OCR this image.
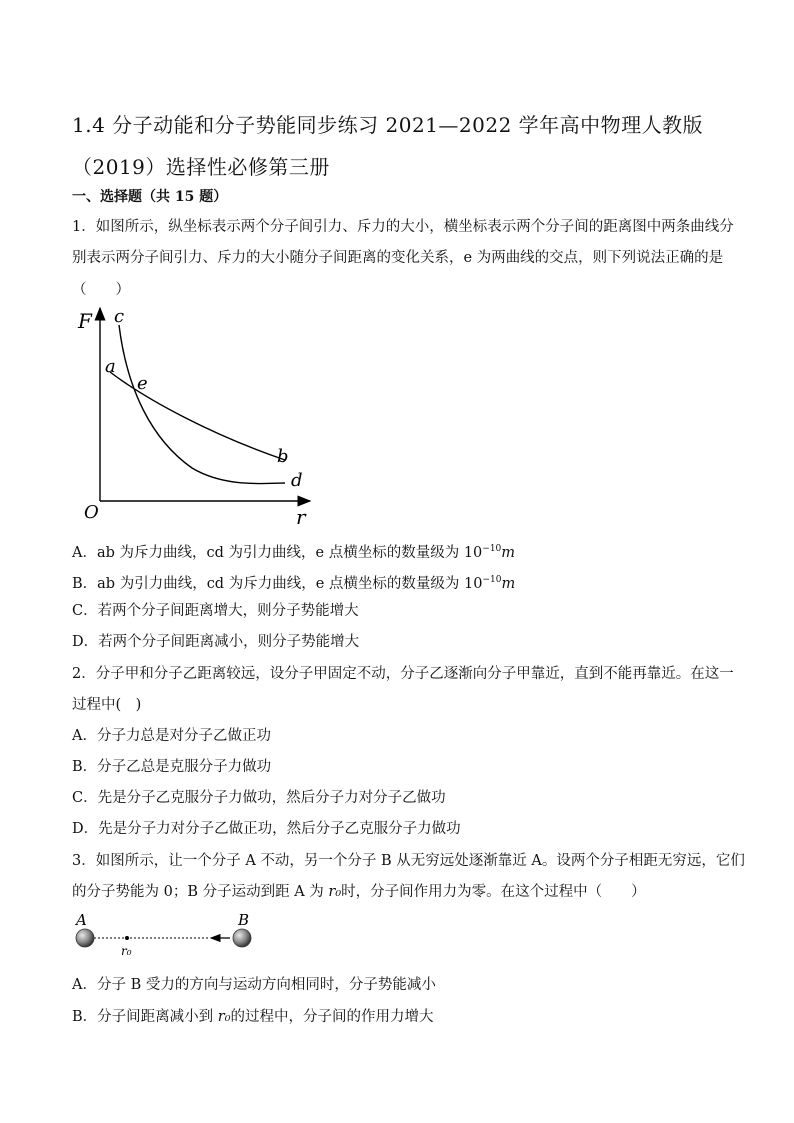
1.4 分子动能和分子势能同步练习 2021—2022 学年高中物理人教版
（2019）选择性必修第三册
一、选择题（共 15 题）
1．如图所示，纵坐标表示两个分子间引力、斥力的大小，横坐标表示两个分子间的距离图中两条曲线分
别表示两分子间引力、斥力的大小随分子间距离的变化关系，e 为两曲线的交点，则下列说法正确的是
（　　）
F c
a
e
b
d
O	r
A．ab 为斥力曲线，cd 为引力曲线，e 点横坐标的数量级为 $10^{-10}m$
B．ab 为引力曲线，cd 为斥力曲线，e 点横坐标的数量级为 $10^{-10}m$
C．若两个分子间距离增大，则分子势能增大
D．若两个分子间距离减小，则分子势能增大
2．分子甲和分子乙距离较远，设分子甲固定不动，分子乙逐渐向分子甲靠近，直到不能再靠近。在这一
过程中(　)
A．分子力总是对分子乙做正功
B．分子乙总是克服分子力做功
C．先是分子乙克服分子力做功，然后分子力对分子乙做功
D．先是分子力对分子乙做正功，然后分子乙克服分子力做功
3．如图所示，让一个分子 A 不动，另一个分子 B 从无穷远处逐渐靠近 A。设两个分子相距无穷远，它们
的分子势能为 0；B 分子运动到距 A 为 r₀时，分子间作用力为零。在这个过程中（　　）
A	B
r₀
A．分子 B 受力的方向与运动方向相同时，分子势能减小
B．分子间距离减小到 r₀的过程中，分子间的作用力增大
